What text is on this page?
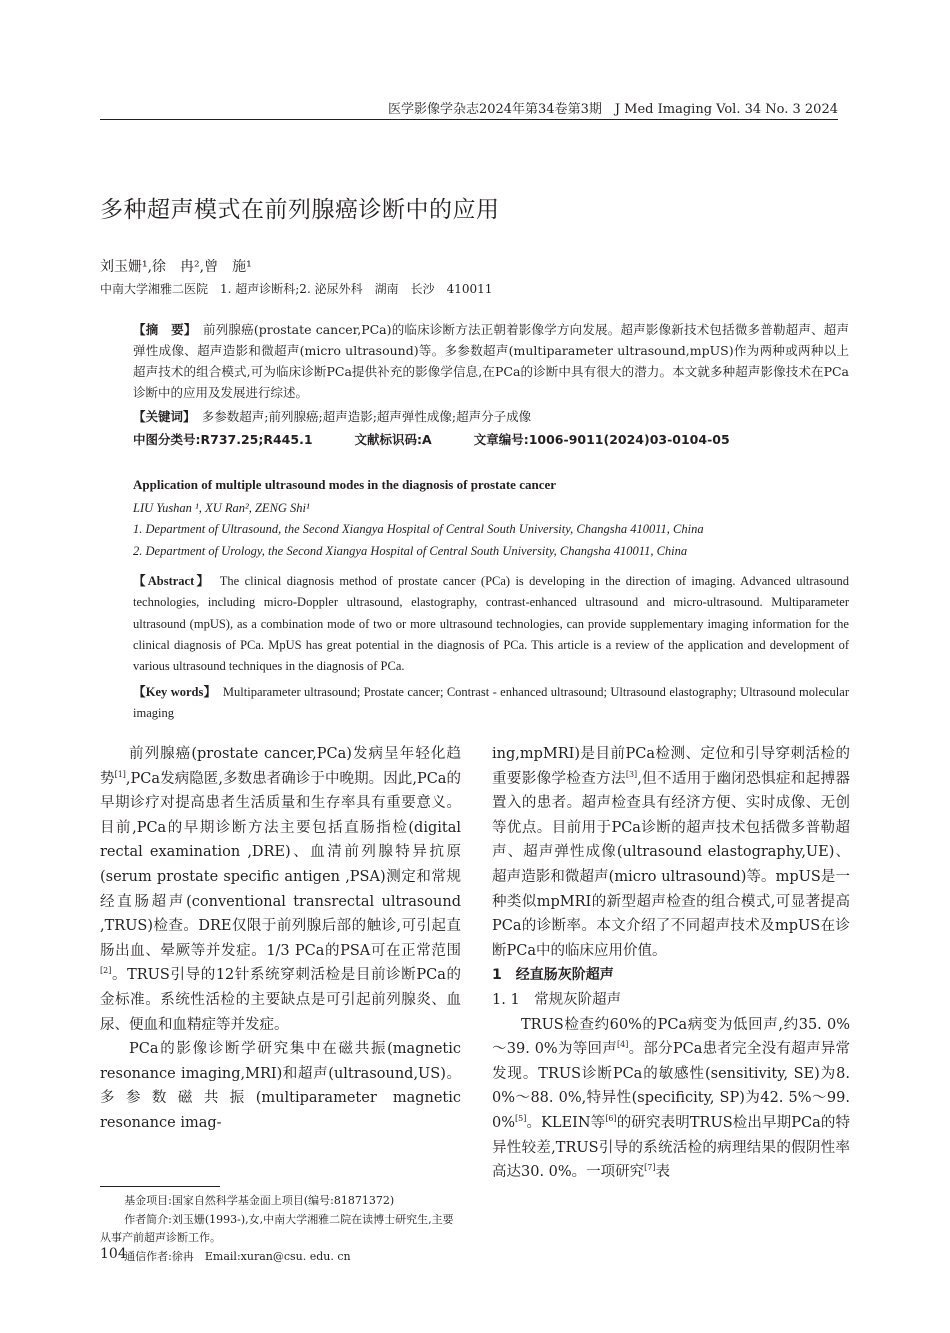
医学影像学杂志2024年第34卷第3期　J Med Imaging Vol. 34 No. 3 2024
多种超声模式在前列腺癌诊断中的应用
刘玉姗¹,徐　冉²,曾　施¹
中南大学湘雅二医院　1. 超声诊断科;2. 泌尿外科　湖南　长沙　410011
【摘　要】　 前列腺癌(prostate cancer,PCa)的临床诊断方法正朝着影像学方向发展。超声影像新技术包括微多普勒超声、超声弹性成像、超声造影和微超声(micro ultrasound)等。多参数超声(multiparameter ultrasound,mpUS)作为两种或两种以上超声技术的组合模式,可为临床诊断PCa提供补充的影像学信息,在PCa的诊断中具有很大的潜力。本文就多种超声影像技术在PCa诊断中的应用及发展进行综述。
【关键词】　 多参数超声;前列腺癌;超声造影;超声弹性成像;超声分子成像
中图分类号:R737.25;R445.1	文献标识码:A	文章编号:1006-9011(2024)03-0104-05
Application of multiple ultrasound modes in the diagnosis of prostate cancer
LIU Yushan ¹, XU Ran², ZENG Shi¹
1. Department of Ultrasound, the Second Xiangya Hospital of Central South University, Changsha 410011, China
2. Department of Urology, the Second Xiangya Hospital of Central South University, Changsha 410011, China
【Abstract】　 The clinical diagnosis method of prostate cancer (PCa) is developing in the direction of imaging. Advanced ultrasound technologies, including micro-Doppler ultrasound, elastography, contrast-enhanced ultrasound and micro-ultrasound. Multiparameter ultrasound (mpUS), as a combination mode of two or more ultrasound technologies, can provide supplementary imaging information for the clinical diagnosis of PCa. MpUS has great potential in the diagnosis of PCa. This article is a review of the application and development of various ultrasound techniques in the diagnosis of PCa.
【Key words】　 Multiparameter ultrasound; Prostate cancer; Contrast - enhanced ultrasound; Ultrasound elastography; Ultrasound molecular imaging

前列腺癌(prostate cancer,PCa)发病呈年轻化趋势[1],PCa发病隐匿,多数患者确诊于中晚期。因此,PCa的早期诊疗对提高患者生活质量和生存率具有重要意义。目前,PCa的早期诊断方法主要包括直肠指检(digital rectal examination ,DRE)、血清前列腺特异抗原(serum prostate specific antigen ,PSA)测定和常规经直肠超声(conventional transrectal ultrasound ,TRUS)检查。DRE仅限于前列腺后部的触诊,可引起直肠出血、晕厥等并发症。1/3 PCa的PSA可在正常范围[2]。TRUS引导的12针系统穿刺活检是目前诊断PCa的金标准。系统性活检的主要缺点是可引起前列腺炎、血尿、便血和血精症等并发症。

PCa的影像诊断学研究集中在磁共振(magnetic resonance imaging,MRI)和超声(ultrasound,US)。多参数磁共振(multiparameter magnetic resonance imag-

ing,mpMRI)是目前PCa检测、定位和引导穿刺活检的重要影像学检查方法[3],但不适用于幽闭恐惧症和起搏器置入的患者。超声检查具有经济方便、实时成像、无创等优点。目前用于PCa诊断的超声技术包括微多普勒超声、超声弹性成像(ultrasound elastography,UE)、超声造影和微超声(micro ultrasound)等。mpUS是一种类似mpMRI的新型超声检查的组合模式,可显著提高PCa的诊断率。本文介绍了不同超声技术及mpUS在诊断PCa中的临床应用价值。

1　经直肠灰阶超声

1. 1　常规灰阶超声

TRUS检查约60%的PCa病变为低回声,约35. 0%～39. 0%为等回声[4]。部分PCa患者完全没有超声异常发现。TRUS诊断PCa的敏感性(sensitivity, SE)为8. 0%～88. 0%,特异性(specificity, SP)为42. 5%～99. 0%[5]。KLEIN等[6]的研究表明TRUS检出早期PCa的特异性较差,TRUS引导的系统活检的病理结果的假阴性率高达30. 0%。一项研究[7]表

基金项目:国家自然科学基金面上项目(编号:81871372)

作者简介:刘玉姗(1993-),女,中南大学湘雅二院在读博士研究生,主要从事产前超声诊断工作。

通信作者:徐冉　Email:xuran@csu. edu. cn

104
